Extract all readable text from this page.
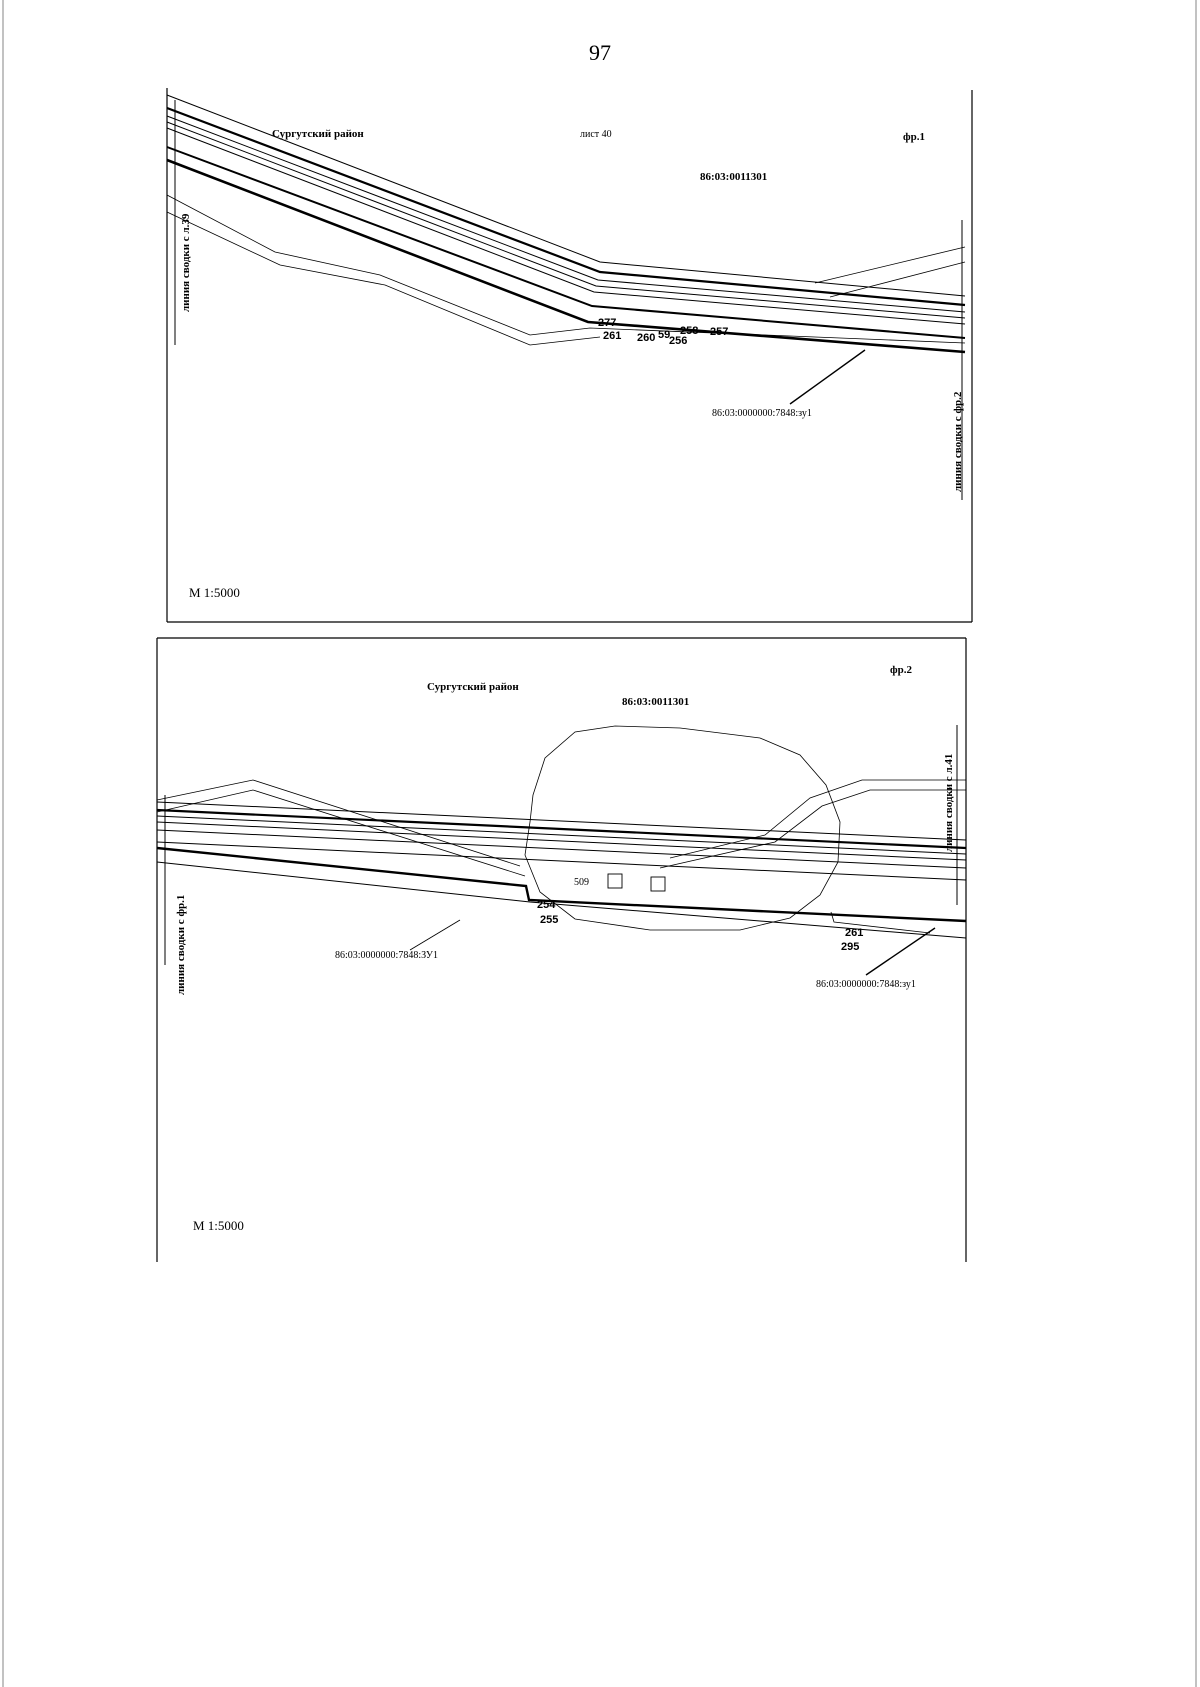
97
Сургутский район	лист 40	фр.1
86:03:0011301
277
261 260 59 258
256
257
86:03:0000000:7848:зу1
линия сводки с л.39
линия сводки с фр.2
М 1:5000
фр.2
Сургутский район
86:03:0011301
509
254
255
261
295
86:03:0000000:7848:ЗУ1
86:03:0000000:7848:зу1
линия сводки с фр.1
линия сводки с л.41
М 1:5000
